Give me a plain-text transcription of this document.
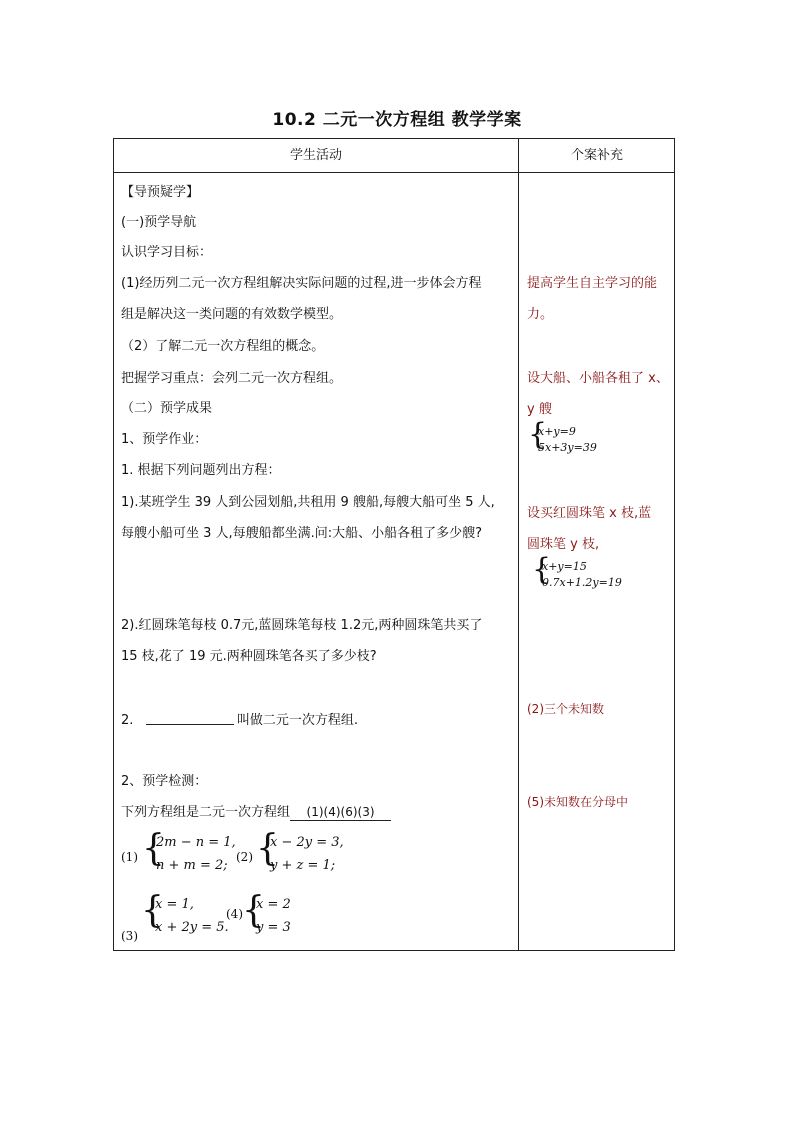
10.2 二元一次方程组 教学学案
学生活动	个案补充
【导预疑学】
(一)预学导航
认识学习目标：
(1)经历列二元一次方程组解决实际问题的过程,进一步体会方程
组是解决这一类问题的有效数学模型。
（2）了解二元一次方程组的概念。
把握学习重点：会列二元一次方程组。
（二）预学成果
1、预学作业：
1. 根据下列问题列出方程：
1).某班学生 39 人到公园划船,共租用 9 艘船,每艘大船可坐 5 人,
每艘小船可坐 3 人,每艘船都坐满.问:大船、小船各租了多少艘?
2).红圆珠笔每枝 0.7元,蓝圆珠笔每枝 1.2元,两种圆珠笔共买了
15 枝,花了 19 元.两种圆珠笔各买了多少枝?
2.	叫做二元一次方程组.
2、预学检测：
下列方程组是二元一次方程组 (1)(4)(6)(3)
(1) {
2m − n = 1,
n + m = 2;
(2) {
x − 2y = 3,
y + z = 1;
{
x = 1,
x + 2y = 5.
(3)
(4) {
x = 2
y = 3
提高学生自主学习的能
力。
设大船、小船各租了 x、
y 艘
{
x+y=9
5x+3y=39
设买红圆珠笔 x 枝,蓝
圆珠笔 y 枝,
{
x+y=15
0.7x+1.2y=19
(2)三个未知数
(5)未知数在分母中
